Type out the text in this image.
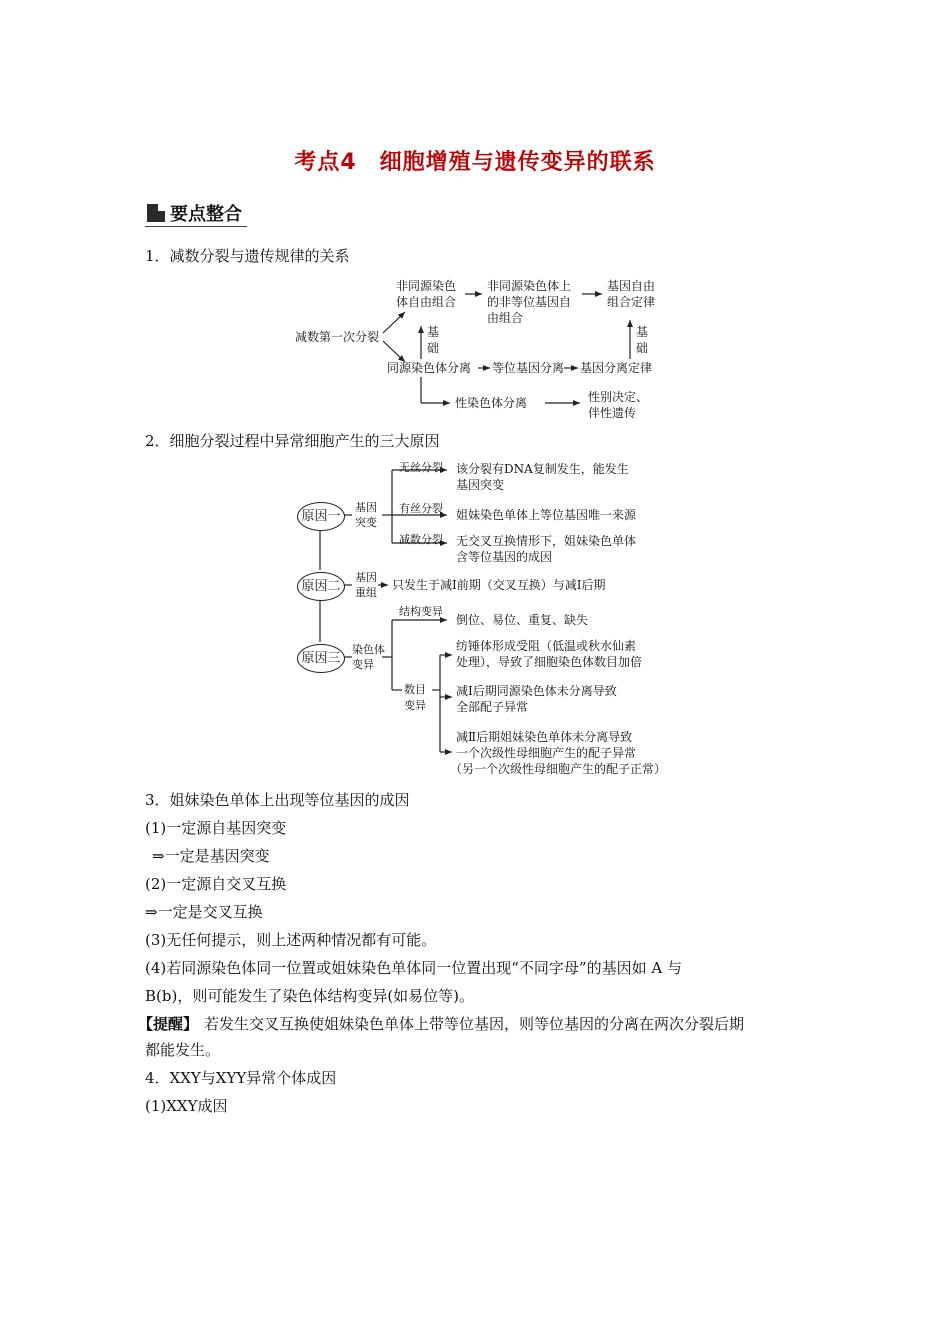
考点4　细胞增殖与遗传变异的联系
要点整合
1．减数分裂与遗传规律的关系
减数第一次分裂
非同源染色
体自由组合
非同源染色体上
的非等位基因自
由组合
基因自由
组合定律
基
础
基
础
同源染色体分离 等位基因分离 基因分离定律
性染色体分离	性别决定、
伴性遗传
2．细胞分裂过程中异常细胞产生的三大原因
原因一
原因二
原因三
基因
突变
无丝分裂 该分裂有DNA复制发生，能发生
基因突变
有丝分裂 姐妹染色单体上等位基因唯一来源
减数分裂 无交叉互换情形下，姐妹染色单体
含等位基因的成因
基因
重组
只发生于减Ⅰ前期（交叉互换）与减Ⅰ后期
染色体
变异
结构变异
倒位、易位、重复、缺失
数目
变异
纺锤体形成受阻（低温或秋水仙素
处理），导致了细胞染色体数目加倍
减Ⅰ后期同源染色体未分离导致
全部配子异常
减Ⅱ后期姐妹染色单体未分离导致
一个次级性母细胞产生的配子异常
（另一个次级性母细胞产生的配子正常）
3．姐妹染色单体上出现等位基因的成因
(1)一定源自基因突变
⇒一定是基因突变
(2)一定源自交叉互换
⇒一定是交叉互换
(3)无任何提示，则上述两种情况都有可能。
(4)若同源染色体同一位置或姐妹染色单体同一位置出现“不同字母”的基因如 A 与
B(b)，则可能发生了染色体结构变异(如易位等)。
【提醒】 若发生交叉互换使姐妹染色单体上带等位基因，则等位基因的分离在两次分裂后期
都能发生。
4．XXY与XYY异常个体成因
(1)XXY成因
